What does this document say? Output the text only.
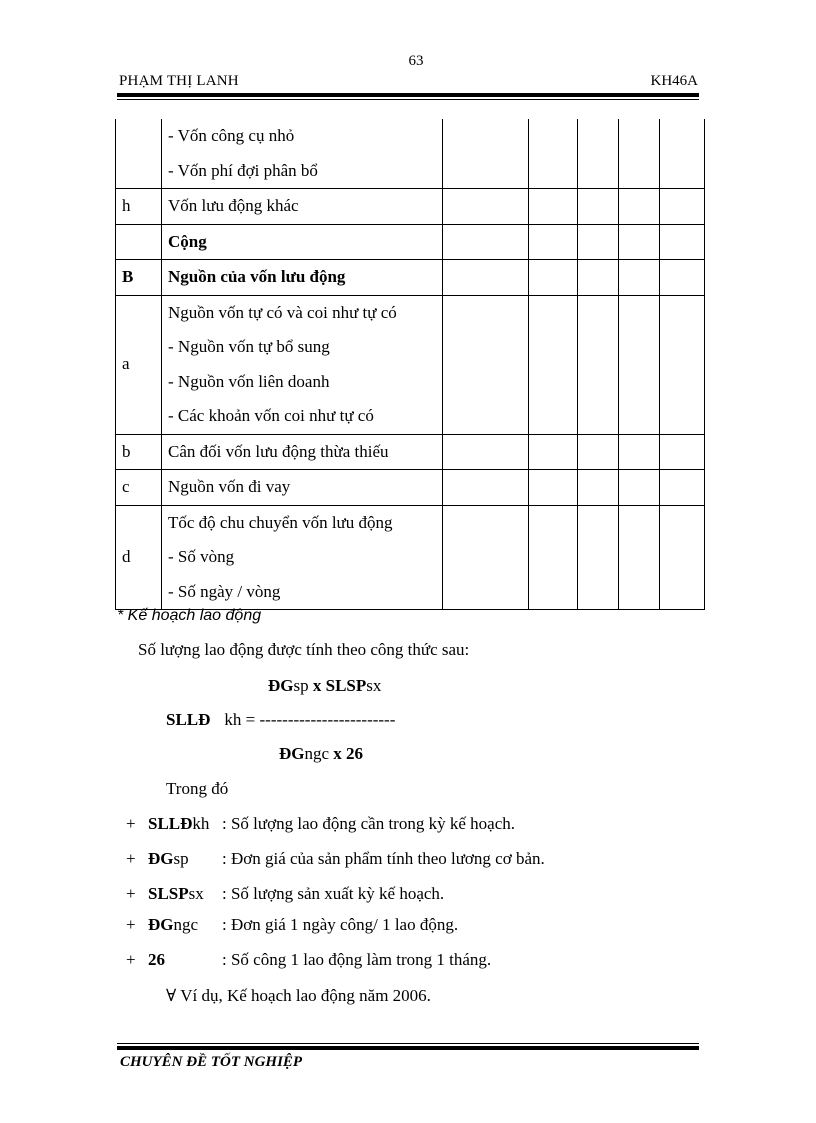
63
PHẠM THỊ LANH	KH46A

	- Vốn công cụ nhỏ
- Vốn phí đợi phân bổ					

h	Vốn lưu động khác					

	Cộng					

B	Nguồn của vốn lưu động					

a	Nguồn vốn tự có và coi như tự có
- Nguồn vốn tự bổ sung
- Nguồn vốn liên doanh
- Các khoản vốn coi như tự có					

b	Cân đối vốn lưu động thừa thiếu					

c	Nguồn vốn đi vay					

d	Tốc độ chu chuyển vốn lưu động
- Số vòng
- Số ngày / vòng					

* Kế hoạch lao động
Số lượng lao động được tính theo công thức sau:
ĐGsp x SLSPsx
SLLĐ kh = ------------------------
ĐGngc x 26
Trong đó
+ SLLĐkh : Số lượng lao động cần trong kỳ kế hoạch.
+ ĐGsp : Đơn giá của sản phẩm tính theo lương cơ bản.
+ SLSPsx : Số lượng sản xuất kỳ kế hoạch.
+ ĐGngc : Đơn giá 1 ngày công/ 1 lao động.
+ 26	: Số công 1 lao động làm trong 1 tháng.
∀ Ví dụ, Kế hoạch lao động năm 2006.
CHUYÊN ĐỀ TỐT NGHIỆP
